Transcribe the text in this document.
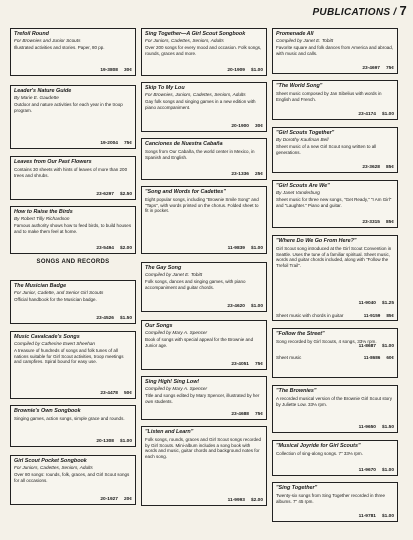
PUBLICATIONS / 7
Trefoil Round
For Brownies and Junior Scouts
Illustrated activities and stories. Paper, 80 pp.
19-3808 30¢
Leader's Nature Guide
By Marie E. Gaudette
Outdoor and nature activities for each year in the troop program.
19-2004 75¢
Leaves from Our Past Flowers
Contains 30 sheets with hints of leaves of more than 200 trees and shrubs.
23-6297 $2.50
How to Raise the Birds
By Robert Tilly Richardson
Famous authority shows how to feed birds, to build houses and to make them feel at home.
23-5494 $2.00
SONGS AND RECORDS
The Musician Badge
For Junior, Cadette, and Senior Girl Scouts
Official handbook for the Musician badge.
23-4526 $1.50
Music Cavalcade's Songs
Compiled by Catherine Ewert Sheehan
A treasure of hundreds of songs and folk tunes of all nations suitable for Girl Scout activities, troop meetings and campfires. Spiral bound for easy use.
23-4478 50¢
Brownie's Own Songbook
Singing games, action songs, simple grace and rounds.
20-1308 $1.00
Girl Scout Pocket Songbook
For Juniors, Cadettes, Seniors, Adults
Over 80 songs: rounds, folk, graces, and Girl Scout songs for all occasions.
20-1927 20¢
Sing Together—A Girl Scout Songbook
For Juniors, Cadettes, Seniors, Adults
Over 200 songs for every mood and occasion. Folk songs, rounds, graces and more.
20-1909 $1.00
Skip To My Lou
For Brownies, Juniors, Cadettes, Seniors, Adults
Gay folk songs and singing games in a new edition with piano accompaniment.
20-1900 30¢
Canciones de Nuestra Cabaña
Songs from Our Cabaña, the world center in Mexico, in Spanish and English.
23-1336 25¢
"Song and Words for Cadettes"
Eight popular songs, including "Brownie Smile Song" and "Taps", with words printed on the chorus. Folded sheet to fit in pocket.
11-9839 $1.00
The Gay Song
Compiled by Janet E. Tobitt
Folk songs, dances and singing games, with piano accompaniment and guitar chords.
23-4620 $1.00
Our Songs
Compiled by Mary A. Spencer
Book of songs with special appeal for the Brownie and Junior age.
23-4051 75¢
Sing High! Sing Low!
Compiled by Mary A. Spencer
Title and songs edited by Mary Spencer, illustrated by her own students.
23-4688 75¢
"Listen and Learn"
Folk songs, rounds, graces and Girl Scout songs recorded by Girl Scouts. Mini-album includes a song book with words and music, guitar chords and background notes for each song.
11-9993 $2.00
Promenade All
Compiled by Janet E. Tobitt
Favorite square and folk dances from America and abroad, with music and calls.
23-4697 75¢
"The World Song"
Sheet music composed by Jan Sibelius with words in English and French.
23-4174 $1.00
"Girl Scouts Together"
By Dorothy Kaufman Bell
Sheet music of a new Girl Scout song written to all generations.
23-3628 85¢
"Girl Scouts Are We"
By Janet Vanderburg
Sheet music for three new songs, "Get Ready," "I Am Girl" and "Laughter." Piano and guitar.
23-3315 85¢
"Where Do We Go From Here?"
Girl Scout song introduced at the Girl Scout Convention in Seattle. Uses the tune of a familiar spiritual. Sheet music, words and guitar chords included, along with "Follow the Trefoil Trail".
11-9040 $1.25
Sheet music with chords in guitar	11-9159 85¢
"Follow the Street"
Song recorded by Girl Scouts, 4 songs, 33⅓ rpm.
11-8687 $1.00
Sheet music	11-8686 60¢
"The Brownies"
A recorded musical version of the Brownie Girl Scout story by Juliette Low. 33⅓ rpm.
11-9650 $1.50
"Musical Joyride for Girl Scouts"
Collection of sing-along songs. 7" 33⅓ rpm.
11-9670 $1.00
"Sing Together"
Twenty-six songs from Sing Together recorded in three albums. 7" 45 rpm.
11-9781 $1.00
